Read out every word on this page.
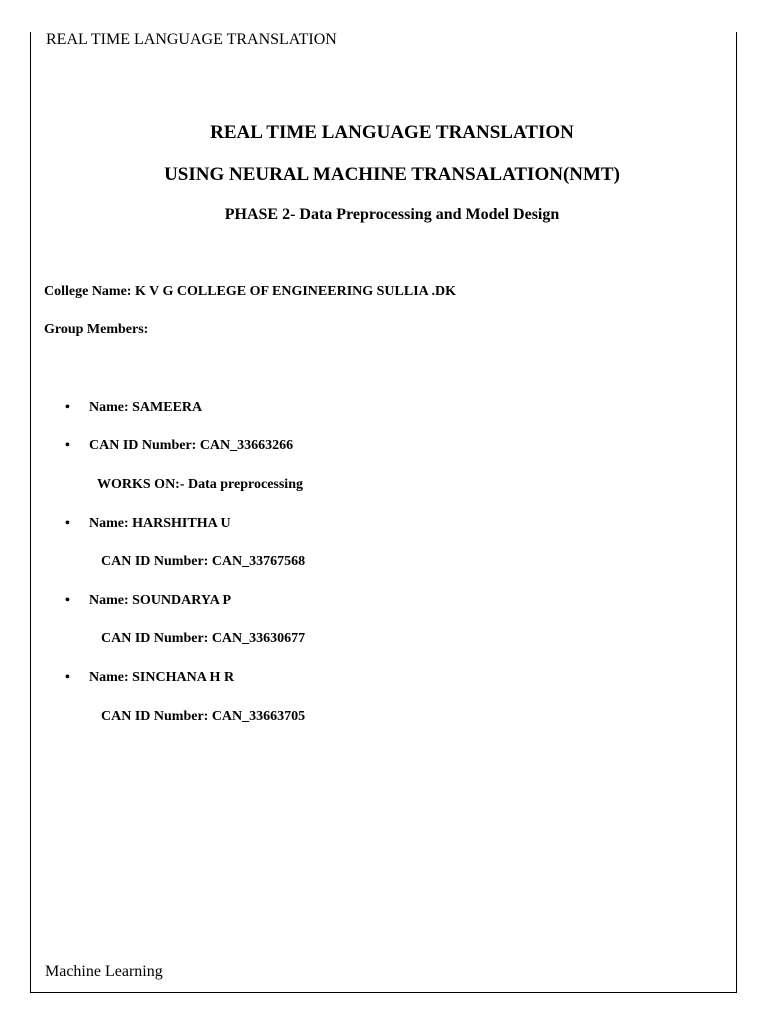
REAL TIME LANGUAGE TRANSLATION
REAL TIME LANGUAGE TRANSLATION
USING NEURAL MACHINE TRANSALATION(NMT)
PHASE 2- Data Preprocessing and Model Design
College Name: K V G COLLEGE OF ENGINEERING SULLIA .DK
Group Members:
• Name: SAMEERA
• CAN ID Number: CAN_33663266
WORKS ON:- Data preprocessing
• Name: HARSHITHA U
CAN ID Number: CAN_33767568
• Name: SOUNDARYA P
CAN ID Number: CAN_33630677
• Name: SINCHANA H R
CAN ID Number: CAN_33663705
Machine Learning
